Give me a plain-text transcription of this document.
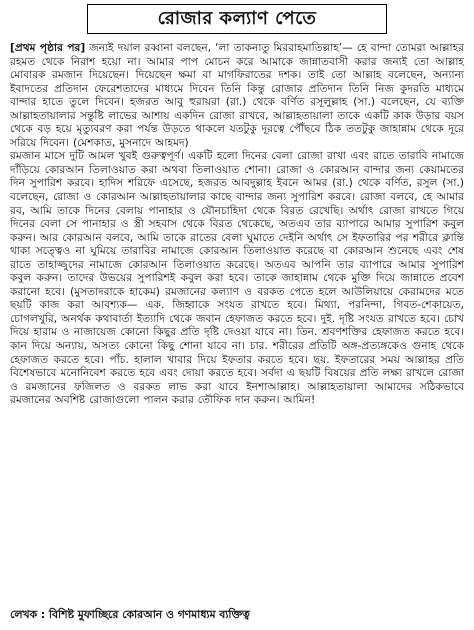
রোজার কল্যাণ পেতে

[প্রথম পৃষ্ঠার পর] জন্যই দয়াল রব্বানা বলছেন, ‘লা তাকনাতু মিররাহমাতিল্লাহ’— হে বান্দা তোমরা আল্লাহর রহমত থেকে নিরাশ হয়ো না। আমার পাপ মোচন করে আমাকে জান্নাতবাসী করার জন্যই তো আল্লাহ মোবারক রমজান দিয়েছেন। দিয়েছেন ক্ষমা বা মাগফিরাতের দশক। তাই তো আল্লাহ বলেছেন, অন্যান্য ইবাদতের প্রতিদান ফেরেশতাদের মাধ্যমে দিবেন তিনি কিন্তু রোজার প্রতিদান তিনি নিজ কুদরতি মাধ্যমে বান্দার হাতে তুলে দিবেন। হজরত আবু হুরায়রা (রা.) থেকে বর্ণিত রসূলুল্লাহ (সা.) বলেছেন, যে ব্যক্তি আল্লাহতায়ালার সন্তুষ্টি লাভের আশায় একদিন রোজা রাখবে, আল্লাহতায়ালা তাকে একটি কাক উড়ার বয়স থেকে বড় হয়ে মৃত্যুবরণ করা পর্যন্ত উড়তে থাকলে যতটুকু দূরত্বে পৌঁছবে ঠিক ততটুকু জাহান্নাম থেকে দূরে সরিয়ে দিবেন। (মেশকাত, মুসনাদে আহমদ)

রমজান মাসে দুটি আমল খুবই গুরুত্বপূর্ণ। একটি হলো দিনের বেলা রোজা রাখা এবং রাতে তারাবি নামাজে দাঁড়িয়ে কোরআন তিলাওয়াত করা অথবা তিলাওয়াত শোনা। রোজা ও কোরআন বান্দার জন্য কেয়ামতের দিন সুপারিশ করবে। হাদিস শরিফে এসেছে, হজরত আবদুল্লাহ ইবনে আমর (রা.) থেকে বর্ণিত, রসুল (সা.) বলেছেন, রোজা ও কোরআন আল্লাহতায়ালার কাছে বান্দার জন্য সুপারিশ করবে। রোজা বলবে, হে আমার রব, আমি তাকে দিনের বেলায় পানাহার ও যৌনচাহিদা থেকে বিরত রেখেছি। অর্থাৎ রোজা রাখতে গিয়ে দিনের বেলা সে পানাহার ও স্ত্রী সহবাস থেকে বিরত থেকেছে, অতএব তার ব্যাপারে আমার সুপারিশ কবুল করুন। আর কোরআন বলবে, আমি তাকে রাতের বেলা ঘুমাতে দেইনি অর্থাৎ সে ইফতারির পর শরীরে ক্লান্তি থাকা সত্ত্বেও না ঘুমিয়ে তারাবির নামাজে কোরআন তিলাওয়াত করেছে বা কোরআন শুনেছে এবং শেষ রাতে তাহাজ্জুদের নামাজে কোরআন তিলাওয়াত করেছে। অতএব আপনি তার ব্যাপারে আমার সুপারিশ কবুল করুন। তাদের উভয়ের সুপারিশই কবুল করা হবে। তাকে জাহান্নাম থেকে মুক্তি দিয়ে জান্নাতে প্রবেশ করানো হবে। (মুসতাদরাকে হাকেম) রমজানের কল্যাণ ও বরকত পেতে হলে আউলিয়ায়ে কেরামদের মতে ছয়টি কাজ করা আবশ্যক— এক. জিহ্বাকে সংযত রাখতে হবে। মিথ্যা, পরনিন্দা, গিবত-শেকায়েত, চোগলখুরি, অনর্থক কথাবার্তা ইত্যাদি থেকে জবান হেফাজত করতে হবে। দুই. দৃষ্টি সংযত রাখতে হবে। চোখ দিয়ে হারাম ও নাজায়েজ কোনো কিছুর প্রতি দৃষ্টি দেওয়া যাবে না। তিন. শ্রবণশক্তির হেফাজত করতে হবে। কান দিয়ে অন্যায়, অসত্য কোনো কিছু শোনা যাবে না। চার. শরীরের প্রতিটি অঙ্গ-প্রত্যঙ্গকেও গুনাহ থেকে হেফাজত করতে হবে। পাঁচ. হালাল খাবার দিয়ে ইফতার করতে হবে। ছয়. ইফতারের সময় আল্লাহর প্রতি বিশেষভাবে মনোনিবেশ করতে হবে এবং দোয়া করতে হবে। সর্বদা এ ছয়টি বিষয়ের প্রতি লক্ষ্য রাখলে রোজা ও রমজানের ফজিলত ও বরকত লাভ করা যাবে ইনশাআল্লাহ। আল্লাহতায়ালা আমাদের সঠিকভাবে রমজানের অবশিষ্ট রোজাগুলো পালন করার তৌফিক দান করুন। আমিন!

লেখক : বিশিষ্ট মুফাচ্ছিরে কোরআন ও গণমাধ্যম ব্যক্তিত্ব
